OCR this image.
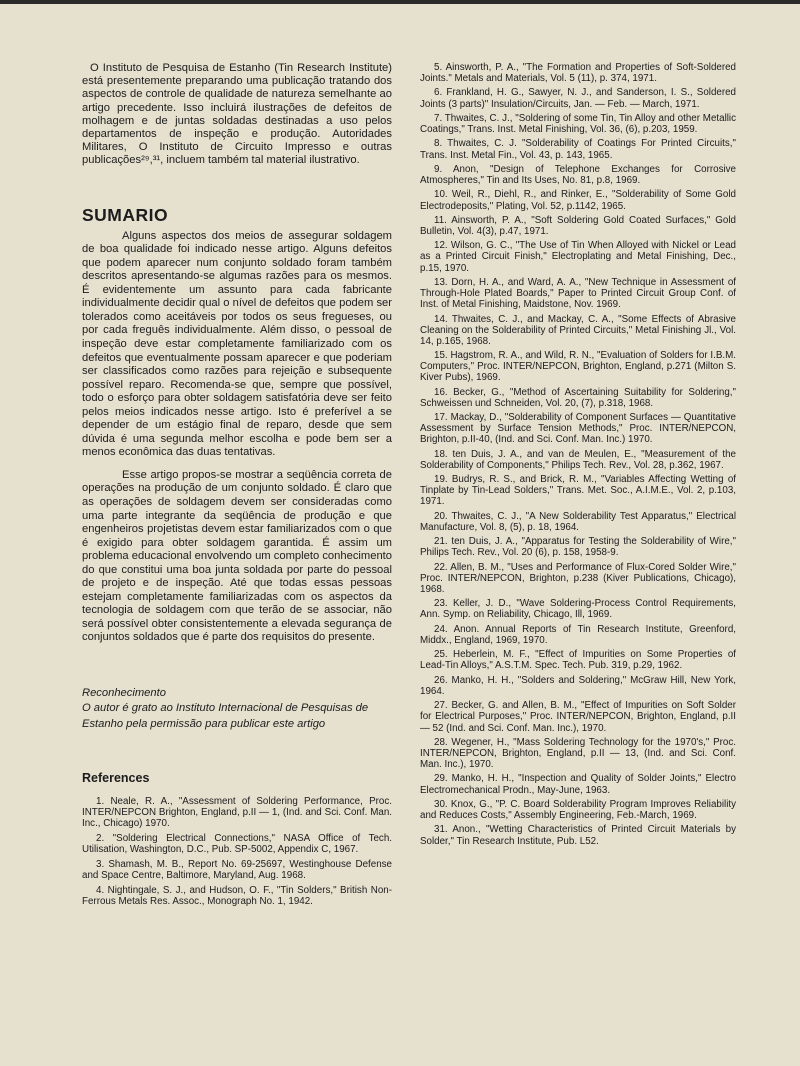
O Instituto de Pesquisa de Estanho (Tin Research Institute) está presentemente preparando uma publicação tratando dos aspectos de controle de qualidade de natureza semelhante ao artigo precedente. Isso incluirá ilustrações de defeitos de molhagem e de juntas soldadas destinadas a uso pelos departamentos de inspeção e produção. Autoridades Militares, O Instituto de Circuito Impresso e outras publicações²⁹,³¹, incluem também tal material ilustrativo.

SUMARIO

Alguns aspectos dos meios de assegurar soldagem de boa qualidade foi indicado nesse artigo. Alguns defeitos que podem aparecer num conjunto soldado foram também descritos apresentando-se algumas razões para os mesmos. É evidentemente um assunto para cada fabricante individualmente decidir qual o nível de defeitos que podem ser tolerados como aceitáveis por todos os seus fregueses, ou por cada freguês individualmente. Além disso, o pessoal de inspeção deve estar completamente familiarizado com os defeitos que eventualmente possam aparecer e que poderiam ser classificados como razões para rejeição e subsequente possível reparo. Recomenda-se que, sempre que possível, todo o esforço para obter soldagem satisfatória deve ser feito pelos meios indicados nesse artigo. Isto é preferível a se depender de um estágio final de reparo, desde que sem dúvida é uma segunda melhor escolha e pode bem ser a menos econômica das duas tentativas.

Esse artigo propos-se mostrar a seqüência correta de operações na produção de um conjunto soldado. É claro que as operações de soldagem devem ser consideradas como uma parte integrante da seqüência de produção e que engenheiros projetistas devem estar familiarizados com o que é exigido para obter soldagem garantida. É assim um problema educacional envolvendo um completo conhecimento do que constitui uma boa junta soldada por parte do pessoal de projeto e de inspeção. Até que todas essas pessoas estejam completamente familiarizadas com os aspectos da tecnologia de soldagem com que terão de se associar, não será possível obter consistentemente a elevada segurança de conjuntos soldados que é parte dos requisitos do presente.

Reconhecimento

O autor é grato ao Instituto Internacional de Pesquisas de Estanho pela permissão para publicar este artigo

References
1. Neale, R. A., "Assessment of Soldering Performance, Proc. INTER/NEPCON Brighton, England, p.II — 1, (Ind. and Sci. Conf. Man. Inc., Chicago) 1970.
2. "Soldering Electrical Connections," NASA Office of Tech. Utilisation, Washington, D.C., Pub. SP-5002, Appendix C, 1967.
3. Shamash, M. B., Report No. 69-25697, Westinghouse Defense and Space Centre, Baltimore, Maryland, Aug. 1968.
4. Nightingale, S. J., and Hudson, O. F., "Tin Solders," British Non-Ferrous Metals Res. Assoc., Monograph No. 1, 1942.
5. Ainsworth, P. A., "The Formation and Properties of Soft-Soldered Joints." Metals and Materials, Vol. 5 (11), p. 374, 1971.
6. Frankland, H. G., Sawyer, N. J., and Sanderson, I. S., Soldered Joints (3 parts)" Insulation/Circuits, Jan. — Feb. — March, 1971.
7. Thwaites, C. J., "Soldering of some Tin, Tin Alloy and other Metallic Coatings," Trans. Inst. Metal Finishing, Vol. 36, (6), p.203, 1959.
8. Thwaites, C. J. "Solderability of Coatings For Printed Circuits," Trans. Inst. Metal Fin., Vol. 43, p. 143, 1965.
9. Anon, "Design of Telephone Exchanges for Corrosive Atmospheres," Tin and Its Uses, No. 81, p.8, 1969.
10. Weil, R., Diehl, R., and Rinker, E., "Solderability of Some Gold Electrodeposits," Plating, Vol. 52, p.1142, 1965.
11. Ainsworth, P. A., "Soft Soldering Gold Coated Surfaces," Gold Bulletin, Vol. 4(3), p.47, 1971.
12. Wilson, G. C., "The Use of Tin When Alloyed with Nickel or Lead as a Printed Circuit Finish," Electroplating and Metal Finishing, Dec., p.15, 1970.
13. Dorn, H. A., and Ward, A. A., "New Technique in Assessment of Through-Hole Plated Boards," Paper to Printed Circuit Group Conf. of Inst. of Metal Finishing, Maidstone, Nov. 1969.
14. Thwaites, C. J., and Mackay, C. A., "Some Effects of Abrasive Cleaning on the Solderability of Printed Circuits," Metal Finishing Jl., Vol. 14, p.165, 1968.
15. Hagstrom, R. A., and Wild, R. N., "Evaluation of Solders for I.B.M. Computers," Proc. INTER/NEPCON, Brighton, England, p.271 (Milton S. Kiver Pubs), 1969.
16. Becker, G., "Method of Ascertaining Suitability for Soldering," Schweissen und Schneiden, Vol. 20, (7), p.318, 1968.
17. Mackay, D., "Solderability of Component Surfaces — Quantitative Assessment by Surface Tension Methods," Proc. INTER/NEPCON, Brighton, p.II-40, (Ind. and Sci. Conf. Man. Inc.) 1970.
18. ten Duis, J. A., and van de Meulen, E., "Measurement of the Solderability of Components," Philips Tech. Rev., Vol. 28, p.362, 1967.
19. Budrys, R. S., and Brick, R. M., "Variables Affecting Wetting of Tinplate by Tin-Lead Solders," Trans. Met. Soc., A.I.M.E., Vol. 2, p.103, 1971.
20. Thwaites, C. J., "A New Solderability Test Apparatus," Electrical Manufacture, Vol. 8, (5), p. 18, 1964.
21. ten Duis, J. A., "Apparatus for Testing the Solderability of Wire," Philips Tech. Rev., Vol. 20 (6), p. 158, 1958-9.
22. Allen, B. M., "Uses and Performance of Flux-Cored Solder Wire," Proc. INTER/NEPCON, Brighton, p.238 (Kiver Publications, Chicago), 1968.
23. Keller, J. D., "Wave Soldering-Process Control Requirements, Ann. Symp. on Reliability, Chicago, Ill, 1969.
24. Anon. Annual Reports of Tin Research Institute, Greenford, Middx., England, 1969, 1970.
25. Heberlein, M. F., "Effect of Impurities on Some Properties of Lead-Tin Alloys," A.S.T.M. Spec. Tech. Pub. 319, p.29, 1962.
26. Manko, H. H., "Solders and Soldering," McGraw Hill, New York, 1964.
27. Becker, G. and Allen, B. M., "Effect of Impurities on Soft Solder for Electrical Purposes," Proc. INTER/NEPCON, Brighton, England, p.II — 52 (Ind. and Sci. Conf. Man. Inc.), 1970.
28. Wegener, H., "Mass Soldering Technology for the 1970's," Proc. INTER/NEPCON, Brighton, England, p.II — 13, (Ind. and Sci. Conf. Man. Inc.), 1970.
29. Manko, H. H., "Inspection and Quality of Solder Joints," Electro Electromechanical Prodn., May-June, 1963.
30. Knox, G., "P. C. Board Solderability Program Improves Reliability and Reduces Costs," Assembly Engineering, Feb.-March, 1969.
31. Anon., "Wetting Characteristics of Printed Circuit Materials by Solder," Tin Research Institute, Pub. L52.
